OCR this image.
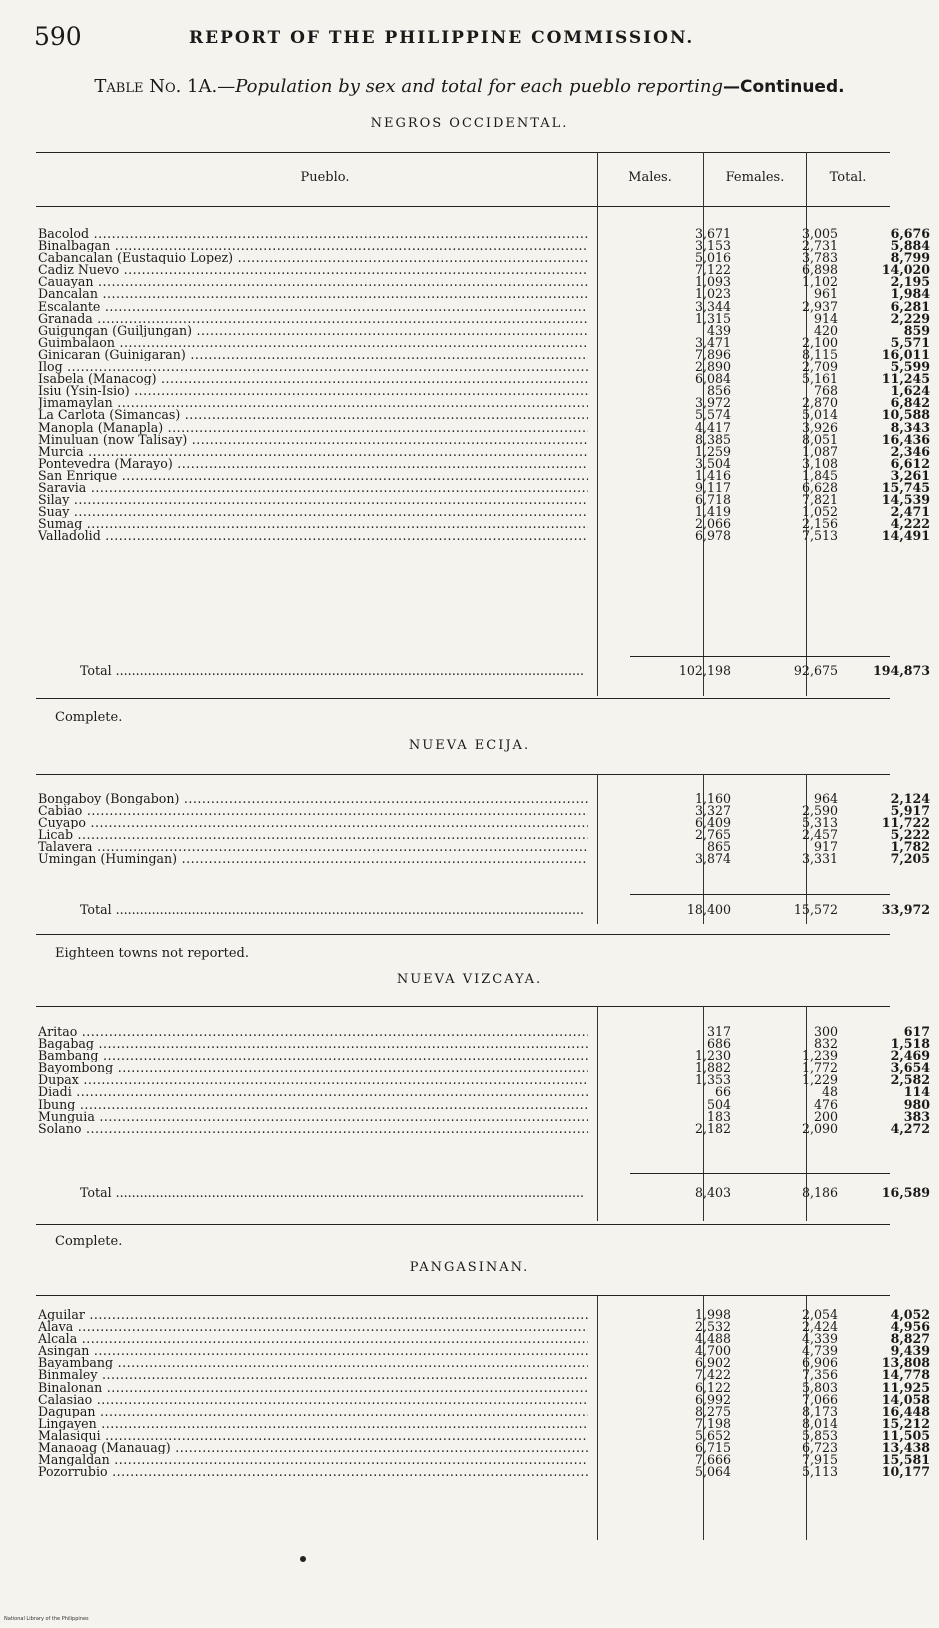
590	REPORT OF THE PHILIPPINE COMMISSION.
Table No. 1A.—Population by sex and total for each pueblo reporting—Continued.
NEGROS OCCIDENTAL.
Pueblo.	Males.	Females.	Total.
Bacolod .....	3,671	3,005	6,676
Binalbagan .....	3,153	2,731	5,884
Cabancalan (Eustaquio Lopez) .....	5,016	3,783	8,799
Cadiz Nuevo .....	7,122	6,898	14,020
Cauayan .....	1,093	1,102	2,195
Dancalan .....	1,023	961	1,984
Escalante .....	3,344	2,937	6,281
Granada .....	1,315	914	2,229
Guigungan (Guiljungan) .....	439	420	859
Guimbalaon .....	3,471	2,100	5,571
Ginicaran (Guinigaran) .....	7,896	8,115	16,011
Ilog .....	2,890	2,709	5,599
Isabela (Manacog) .....	6,084	5,161	11,245
Isiu (Ysin-Isio) .....	856	768	1,624
Jimamaylan .....	3,972	2,870	6,842
La Carlota (Simancas) .....	5,574	5,014	10,588
Manopla (Manapla) .....	4,417	3,926	8,343
Minuluan (now Talisay) .....	8,385	8,051	16,436
Murcia .....	1,259	1,087	2,346
Pontevedra (Marayo) .....	3,504	3,108	6,612
San Enrique .....	1,416	1,845	3,261
Saravia .....	9,117	6,628	15,745
Silay .....	6,718	7,821	14,539
Suay .....	1,419	1,052	2,471
Sumag .....	2,066	2,156	4,222
Valladolid .....	6,978	7,513	14,491
Total .....	102,198	92,675	194,873
Complete.
NUEVA ECIJA.
Bongaboy (Bongabon) .....	1,160	964	2,124
Cabiao .....	3,327	2,590	5,917
Cuyapo .....	6,409	5,313	11,722
Licab .....	2,765	2,457	5,222
Talavera .....	865	917	1,782
Umingan (Humingan) .....	3,874	3,331	7,205
Total .....	18,400	15,572	33,972
Eighteen towns not reported.
NUEVA VIZCAYA.
Aritao .....	317	300	617
Bagabag .....	686	832	1,518
Bambang .....	1,230	1,239	2,469
Bayombong .....	1,882	1,772	3,654
Dupax .....	1,353	1,229	2,582
Diadi .....	66	48	114
Ibung .....	504	476	980
Munguia .....	183	200	383
Solano .....	2,182	2,090	4,272
Total .....	8,403	8,186	16,589
Complete.
PANGASINAN.
Aguilar .....	1,998	2,054	4,052
Alava .....	2,532	2,424	4,956
Alcala .....	4,488	4,339	8,827
Asingan .....	4,700	4,739	9,439
Bayambang .....	6,902	6,906	13,808
Binmaley .....	7,422	7,356	14,778
Binalonan .....	6,122	5,803	11,925
Calasiao .....	6,992	7,066	14,058
Dagupan .....	8,275	8,173	16,448
Lingayen .....	7,198	8,014	15,212
Malasiqui .....	5,652	5,853	11,505
Manaoag (Manauag) .....	6,715	6,723	13,438
Mangaldan .....	7,666	7,915	15,581
Pozorrubio .....	5,064	5,113	10,177
National Library of the Philippines
